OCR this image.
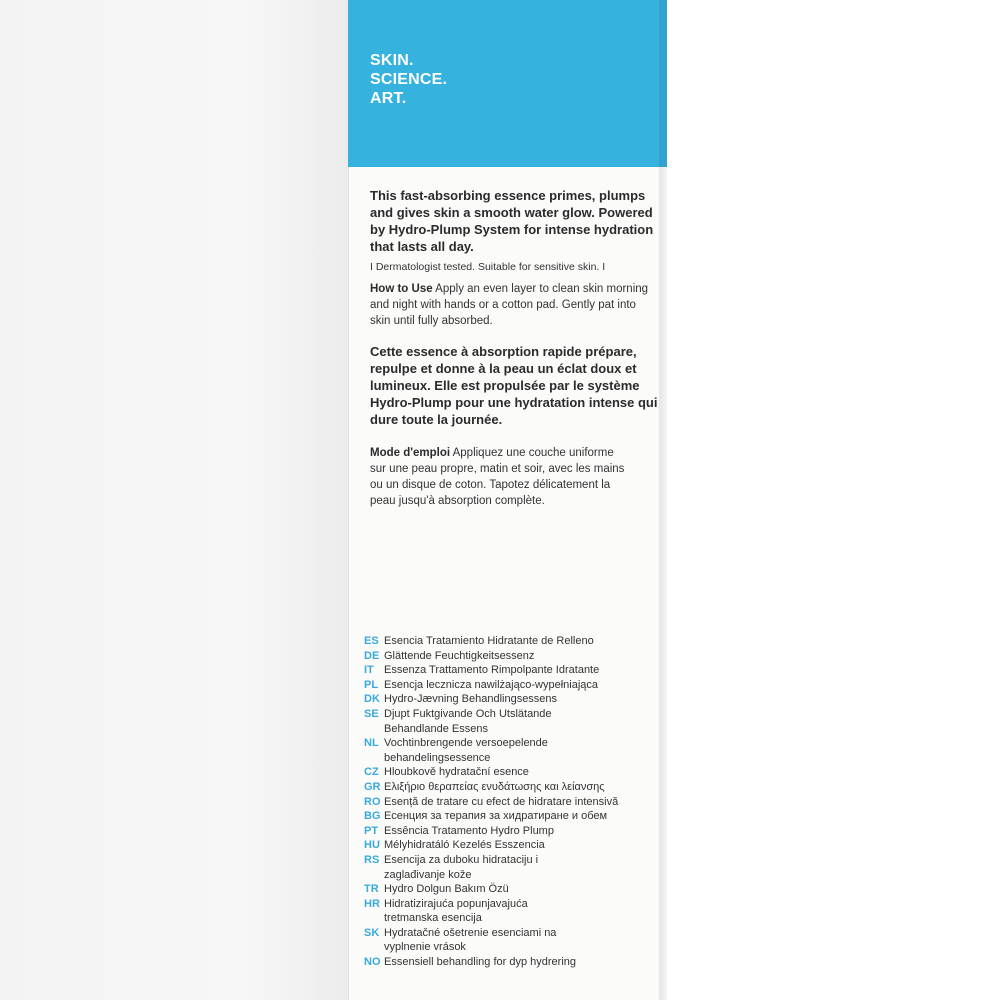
SKIN.
SCIENCE.
ART.

This fast-absorbing essence primes, plumps and gives skin a smooth water glow. Powered by Hydro-Plump System for intense hydration that lasts all day.

I Dermatologist tested. Suitable for sensitive skin. I

How to Use Apply an even layer to clean skin morning and night with hands or a cotton pad. Gently pat into skin until fully absorbed.

Cette essence à absorption rapide prépare, repulpe et donne à la peau un éclat doux et lumineux. Elle est propulsée par le système Hydro-Plump pour une hydratation intense qui dure toute la journée.

Mode d'emploi Appliquez une couche uniforme sur une peau propre, matin et soir, avec les mains ou un disque de coton. Tapotez délicatement la peau jusqu'à absorption complète.

ES Esencia Tratamiento Hidratante de Relleno
DE Glättende Feuchtigkeitsessenz
IT Essenza Trattamento Rimpolpante Idratante
PL Esencja lecznicza nawilżająco-wypełniająca
DK Hydro-Jævning Behandlingsessens
SE Djupt Fuktgivande Och Utslätande
Behandlande Essens
NL Vochtinbrengende versoepelende
behandelingsessence
CZ Hloubkově hydratační esence
GR Ελιξήριο θεραπείας ενυδάτωσης και λείανσης
RO Esență de tratare cu efect de hidratare intensivă
BG Есенция за терапия за хидратиране и обем
PT Essência Tratamento Hydro Plump
HU Mélyhidratáló Kezelés Esszencia
RS Esencija za duboku hidrataciju i
zaglađivanje kože
TR Hydro Dolgun Bakım Özü
HR Hidratizirajuća popunjavajuća
tretmanska esencija
SK Hydratačné ošetrenie esenciami na
vyplnenie vrások
NO Essensiell behandling for dyp hydrering
